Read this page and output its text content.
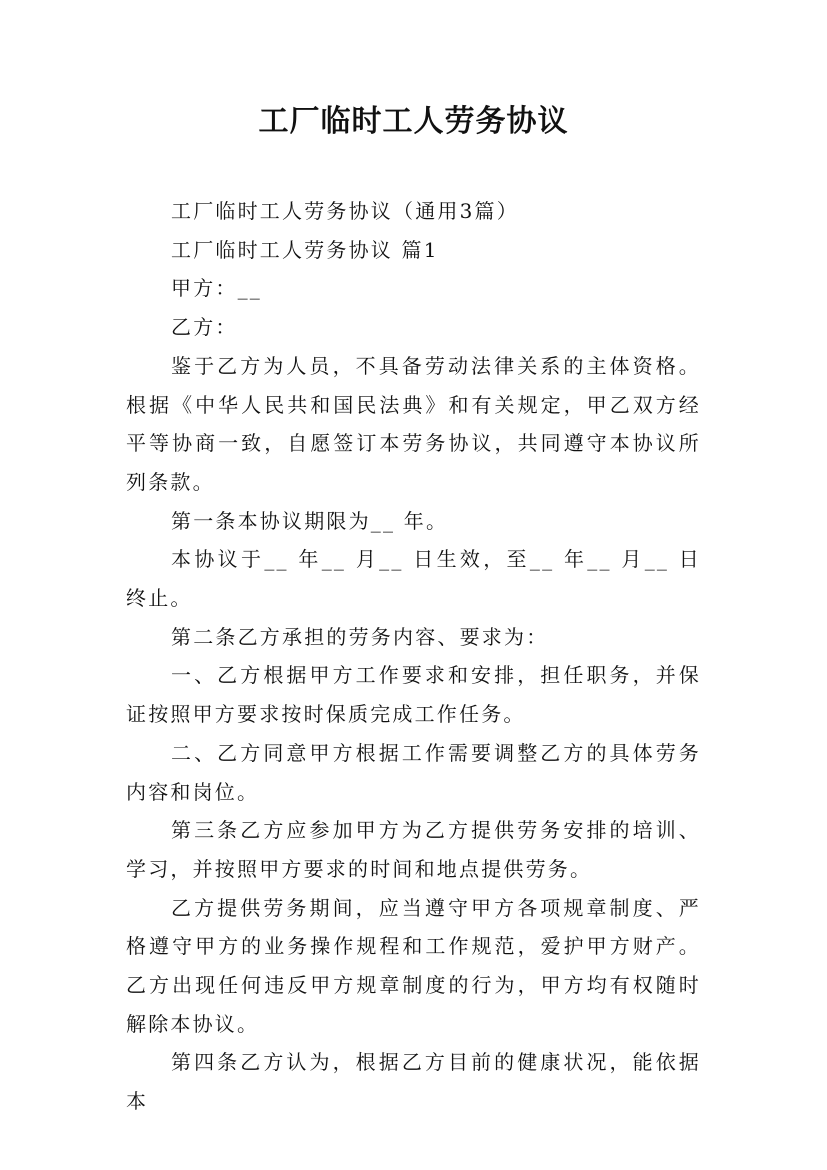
工厂临时工人劳务协议

工厂临时工人劳务协议（通用3篇）

工厂临时工人劳务协议 篇1

甲方：__

乙方：

鉴于乙方为人员，不具备劳动法律关系的主体资格。根据《中华人民共和国民法典》和有关规定，甲乙双方经平等协商一致，自愿签订本劳务协议，共同遵守本协议所列条款。

第一条本协议期限为__ 年。

本协议于__ 年__ 月__ 日生效，至__ 年__ 月__ 日终止。

第二条乙方承担的劳务内容、要求为：

一、乙方根据甲方工作要求和安排，担任职务，并保证按照甲方要求按时保质完成工作任务。

二、乙方同意甲方根据工作需要调整乙方的具体劳务内容和岗位。

第三条乙方应参加甲方为乙方提供劳务安排的培训、学习，并按照甲方要求的时间和地点提供劳务。

乙方提供劳务期间，应当遵守甲方各项规章制度、严格遵守甲方的业务操作规程和工作规范，爱护甲方财产。乙方出现任何违反甲方规章制度的行为，甲方均有权随时解除本协议。

第四条乙方认为，根据乙方目前的健康状况，能依据本
